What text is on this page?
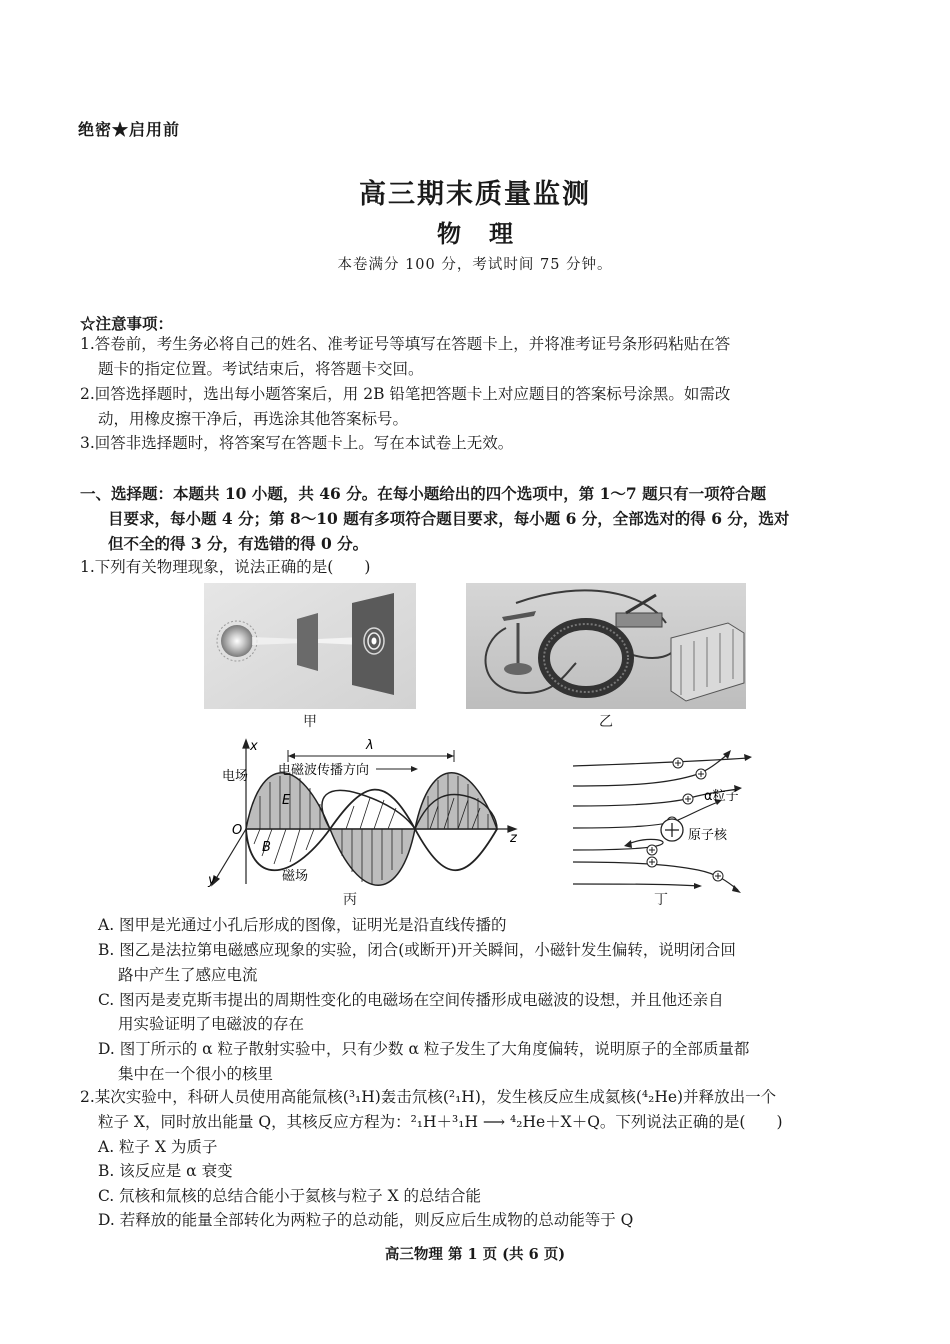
绝密★启用前
高三期末质量监测
物理
本卷满分 100 分，考试时间 75 分钟。
☆注意事项：
1.答卷前，考生务必将自己的姓名、准考证号等填写在答题卡上，并将准考证号条形码粘贴在答
题卡的指定位置。考试结束后，将答题卡交回。
2.回答选择题时，选出每小题答案后，用 2B 铅笔把答题卡上对应题目的答案标号涂黑。如需改
动，用橡皮擦干净后，再选涂其他答案标号。
3.回答非选择题时，将答案写在答题卡上。写在本试卷上无效。
一、选择题：本题共 10 小题，共 46 分。在每小题给出的四个选项中，第 1～7 题只有一项符合题
目要求，每小题 4 分；第 8～10 题有多项符合题目要求，每小题 6 分，全部选对的得 6 分，选对
但不全的得 3 分，有选错的得 0 分。
1.下列有关物理现象，说法正确的是(　　)
甲	乙
x
y
z
O
λ
电磁波传播方向
电场
E
B
磁场
丙
α粒子
原子核
丁
A. 图甲是光通过小孔后形成的图像，证明光是沿直线传播的
B. 图乙是法拉第电磁感应现象的实验，闭合(或断开)开关瞬间，小磁针发生偏转，说明闭合回
路中产生了感应电流
C. 图丙是麦克斯韦提出的周期性变化的电磁场在空间传播形成电磁波的设想，并且他还亲自
用实验证明了电磁波的存在
D. 图丁所示的 α 粒子散射实验中，只有少数 α 粒子发生了大角度偏转，说明原子的全部质量都
集中在一个很小的核里
2.某次实验中，科研人员使用高能氚核(³₁H)轰击氘核(²₁H)，发生核反应生成氦核(⁴₂He)并释放出一个
粒子 X，同时放出能量 Q，其核反应方程为：²₁H＋³₁H ⟶ ⁴₂He＋X＋Q。下列说法正确的是(　　)
A. 粒子 X 为质子
B. 该反应是 α 衰变
C. 氘核和氚核的总结合能小于氦核与粒子 X 的总结合能
D. 若释放的能量全部转化为两粒子的总动能，则反应后生成物的总动能等于 Q
高三物理 第 1 页 (共 6 页)
